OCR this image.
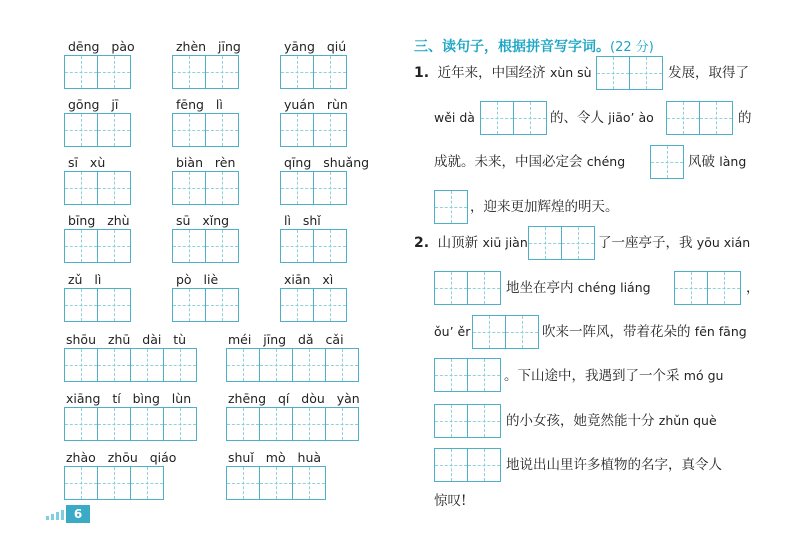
dēng pào	zhèn jīng	yāng qiú
gōng jī	fēng lì	yuán rùn
sī xù	biàn rèn	qīng shuǎng
bīng zhù	sū xǐng	lì shǐ
zǔ lì	pò liè	xiān xì
shōu zhū dài tù	méi jīng dǎ cǎi
xiāng tí bìng lùn	zhēng qí dòu yàn
zhào zhōu qiáo	shuǐ mò huà
三、读句子，根据拼音写字词。(22 分)
1. 近年来，中国经济 xùn sù	发展，取得了
wěi dà	的、令人 jiāo’ ào	的
成就。未来，中国必定会 chéng	风破 làng
，迎来更加辉煌的明天。
2. 山顶新 xiū jiàn	了一座亭子，我 yōu xián
地坐在亭内 chéng liáng	，
ǒu’ ěr	吹来一阵风，带着花朵的 fēn fāng
。下山途中，我遇到了一个采 mó gu
的小女孩，她竟然能十分 zhǔn què
地说出山里许多植物的名字，真令人
惊叹!
6
